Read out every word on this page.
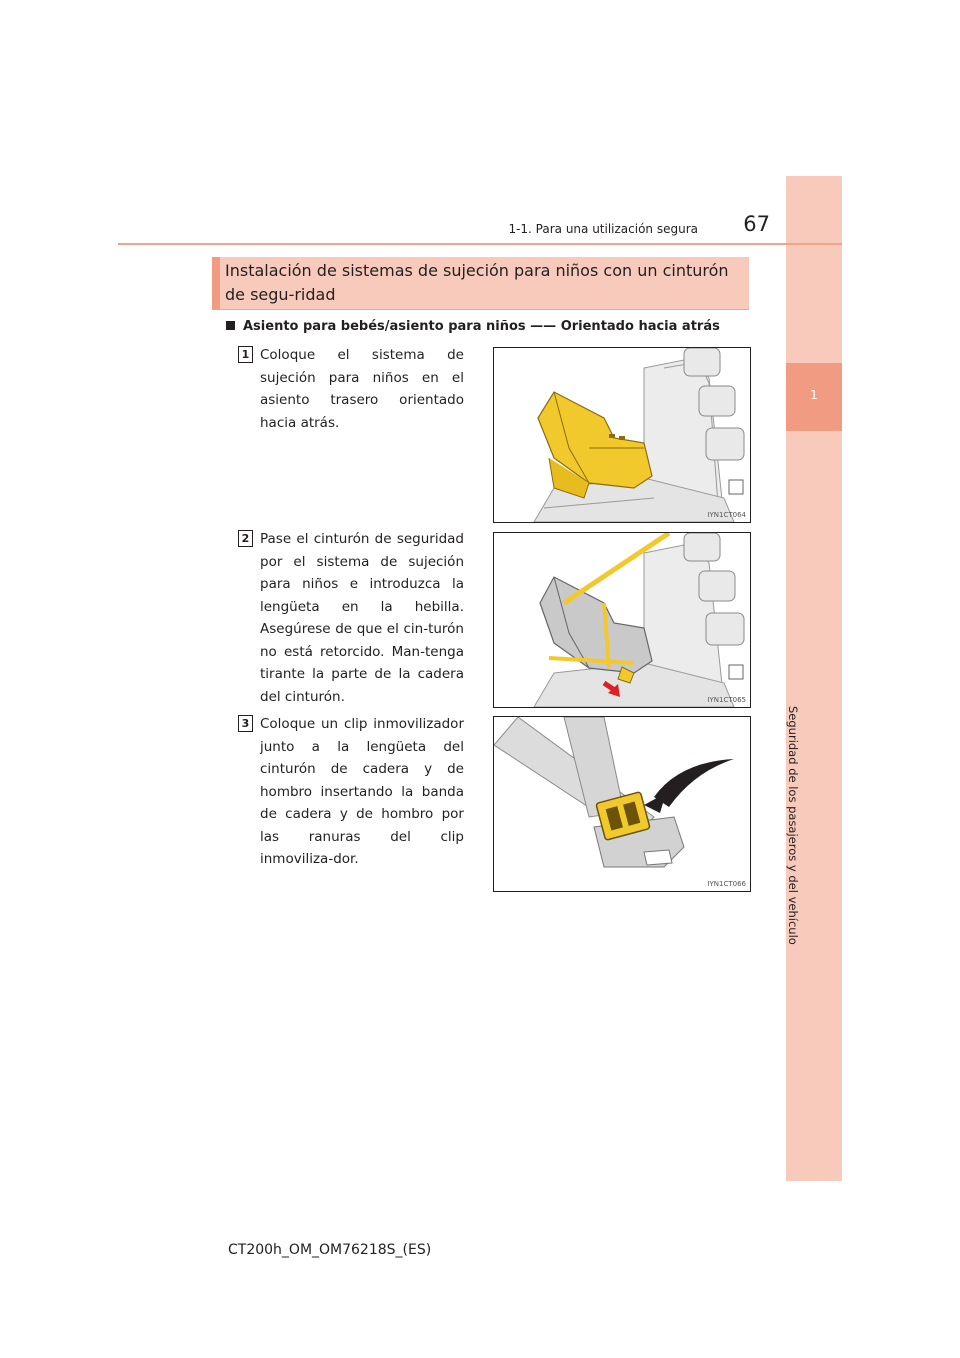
1
Seguridad de los pasajeros y del vehículo
1-1. Para una utilización segura	67
Instalación de sistemas de sujeción para niños con un cinturón de segu-ridad
Asiento para bebés/asiento para niños —— Orientado hacia atrás
1 Coloque el sistema de sujeción para niños en el asiento trasero orientado hacia atrás.
IYN1CT064
2 Pase el cinturón de seguridad por el sistema de sujeción para niños e introduzca la lengüeta en la hebilla. Asegúrese de que el cin-turón no está retorcido. Man-tenga tirante la parte de la cadera del cinturón.	IYN1CT065
3 Coloque un clip inmovilizador junto a la lengüeta del cinturón de cadera y de hombro insertando la banda de cadera y de hombro por las ranuras del clip inmoviliza-dor.
IYN1CT066
CT200h_OM_OM76218S_(ES)
